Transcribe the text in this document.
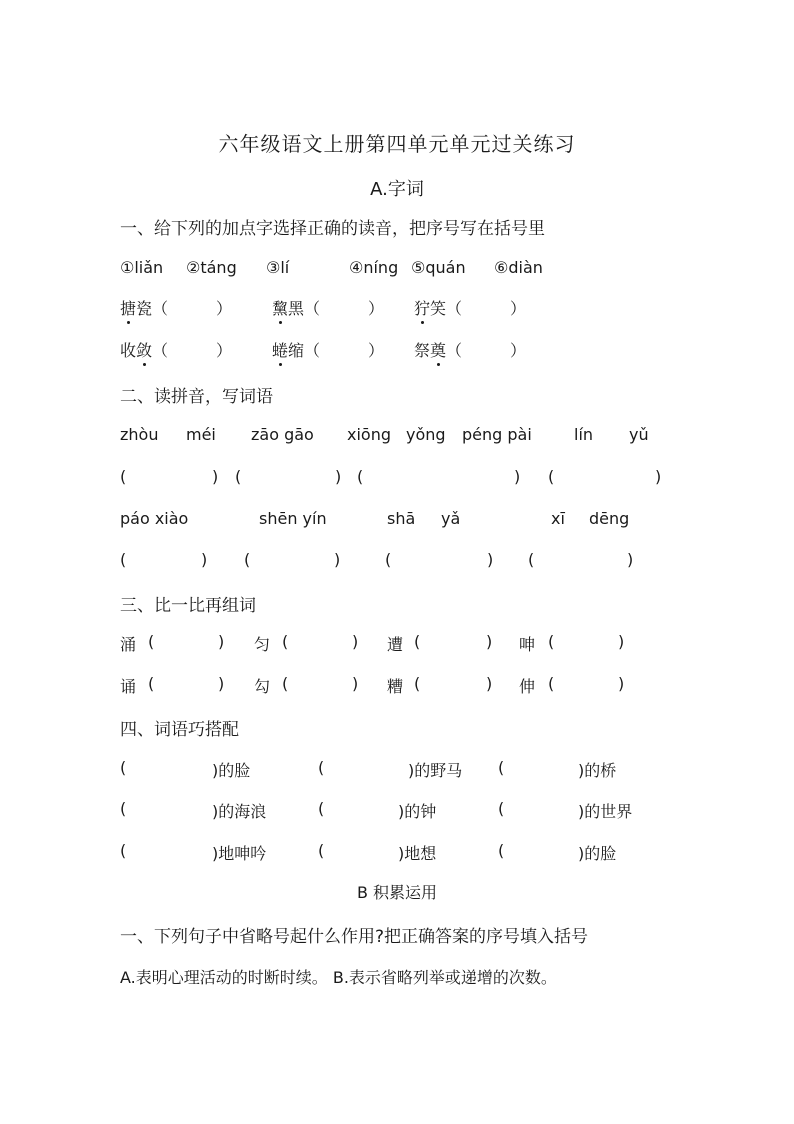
六年级语文上册第四单元单元过关练习
A.字词
一、给下列的加点字选择正确的读音，把序号写在括号里
①liǎn ②táng ③lí	④níng ⑤quán ⑥diàn
搪瓷（　　　） 黧黑（　　　） 狞笑（　　　）
收敛（　　　） 蜷缩（　　　） 祭奠（　　　）
二、读拼音，写词语
zhòu méi zāo gāo xiōng yǒng péng pài	lín yǔ
(	) (	) (	) (	)
páo xiào	shēn yín	shā yǎ	xī dēng
(	) (	)	(	) (	)
三、比一比再组词
涌 (	) 匀 (	) 遭 (	) 呻 (	)
诵 (	) 勾 (	) 糟 (	) 伸 (	)
四、词语巧搭配
(	)的脸	(	)的野马 (	)的桥
(	)的海浪	(	)的钟	(	)的世界
(	)地呻吟	(	)地想	(	)的脸
B 积累运用
一、下列句子中省略号起什么作用?把正确答案的序号填入括号
A.表明心理活动的时断时续。 B.表示省略列举或递增的次数。
